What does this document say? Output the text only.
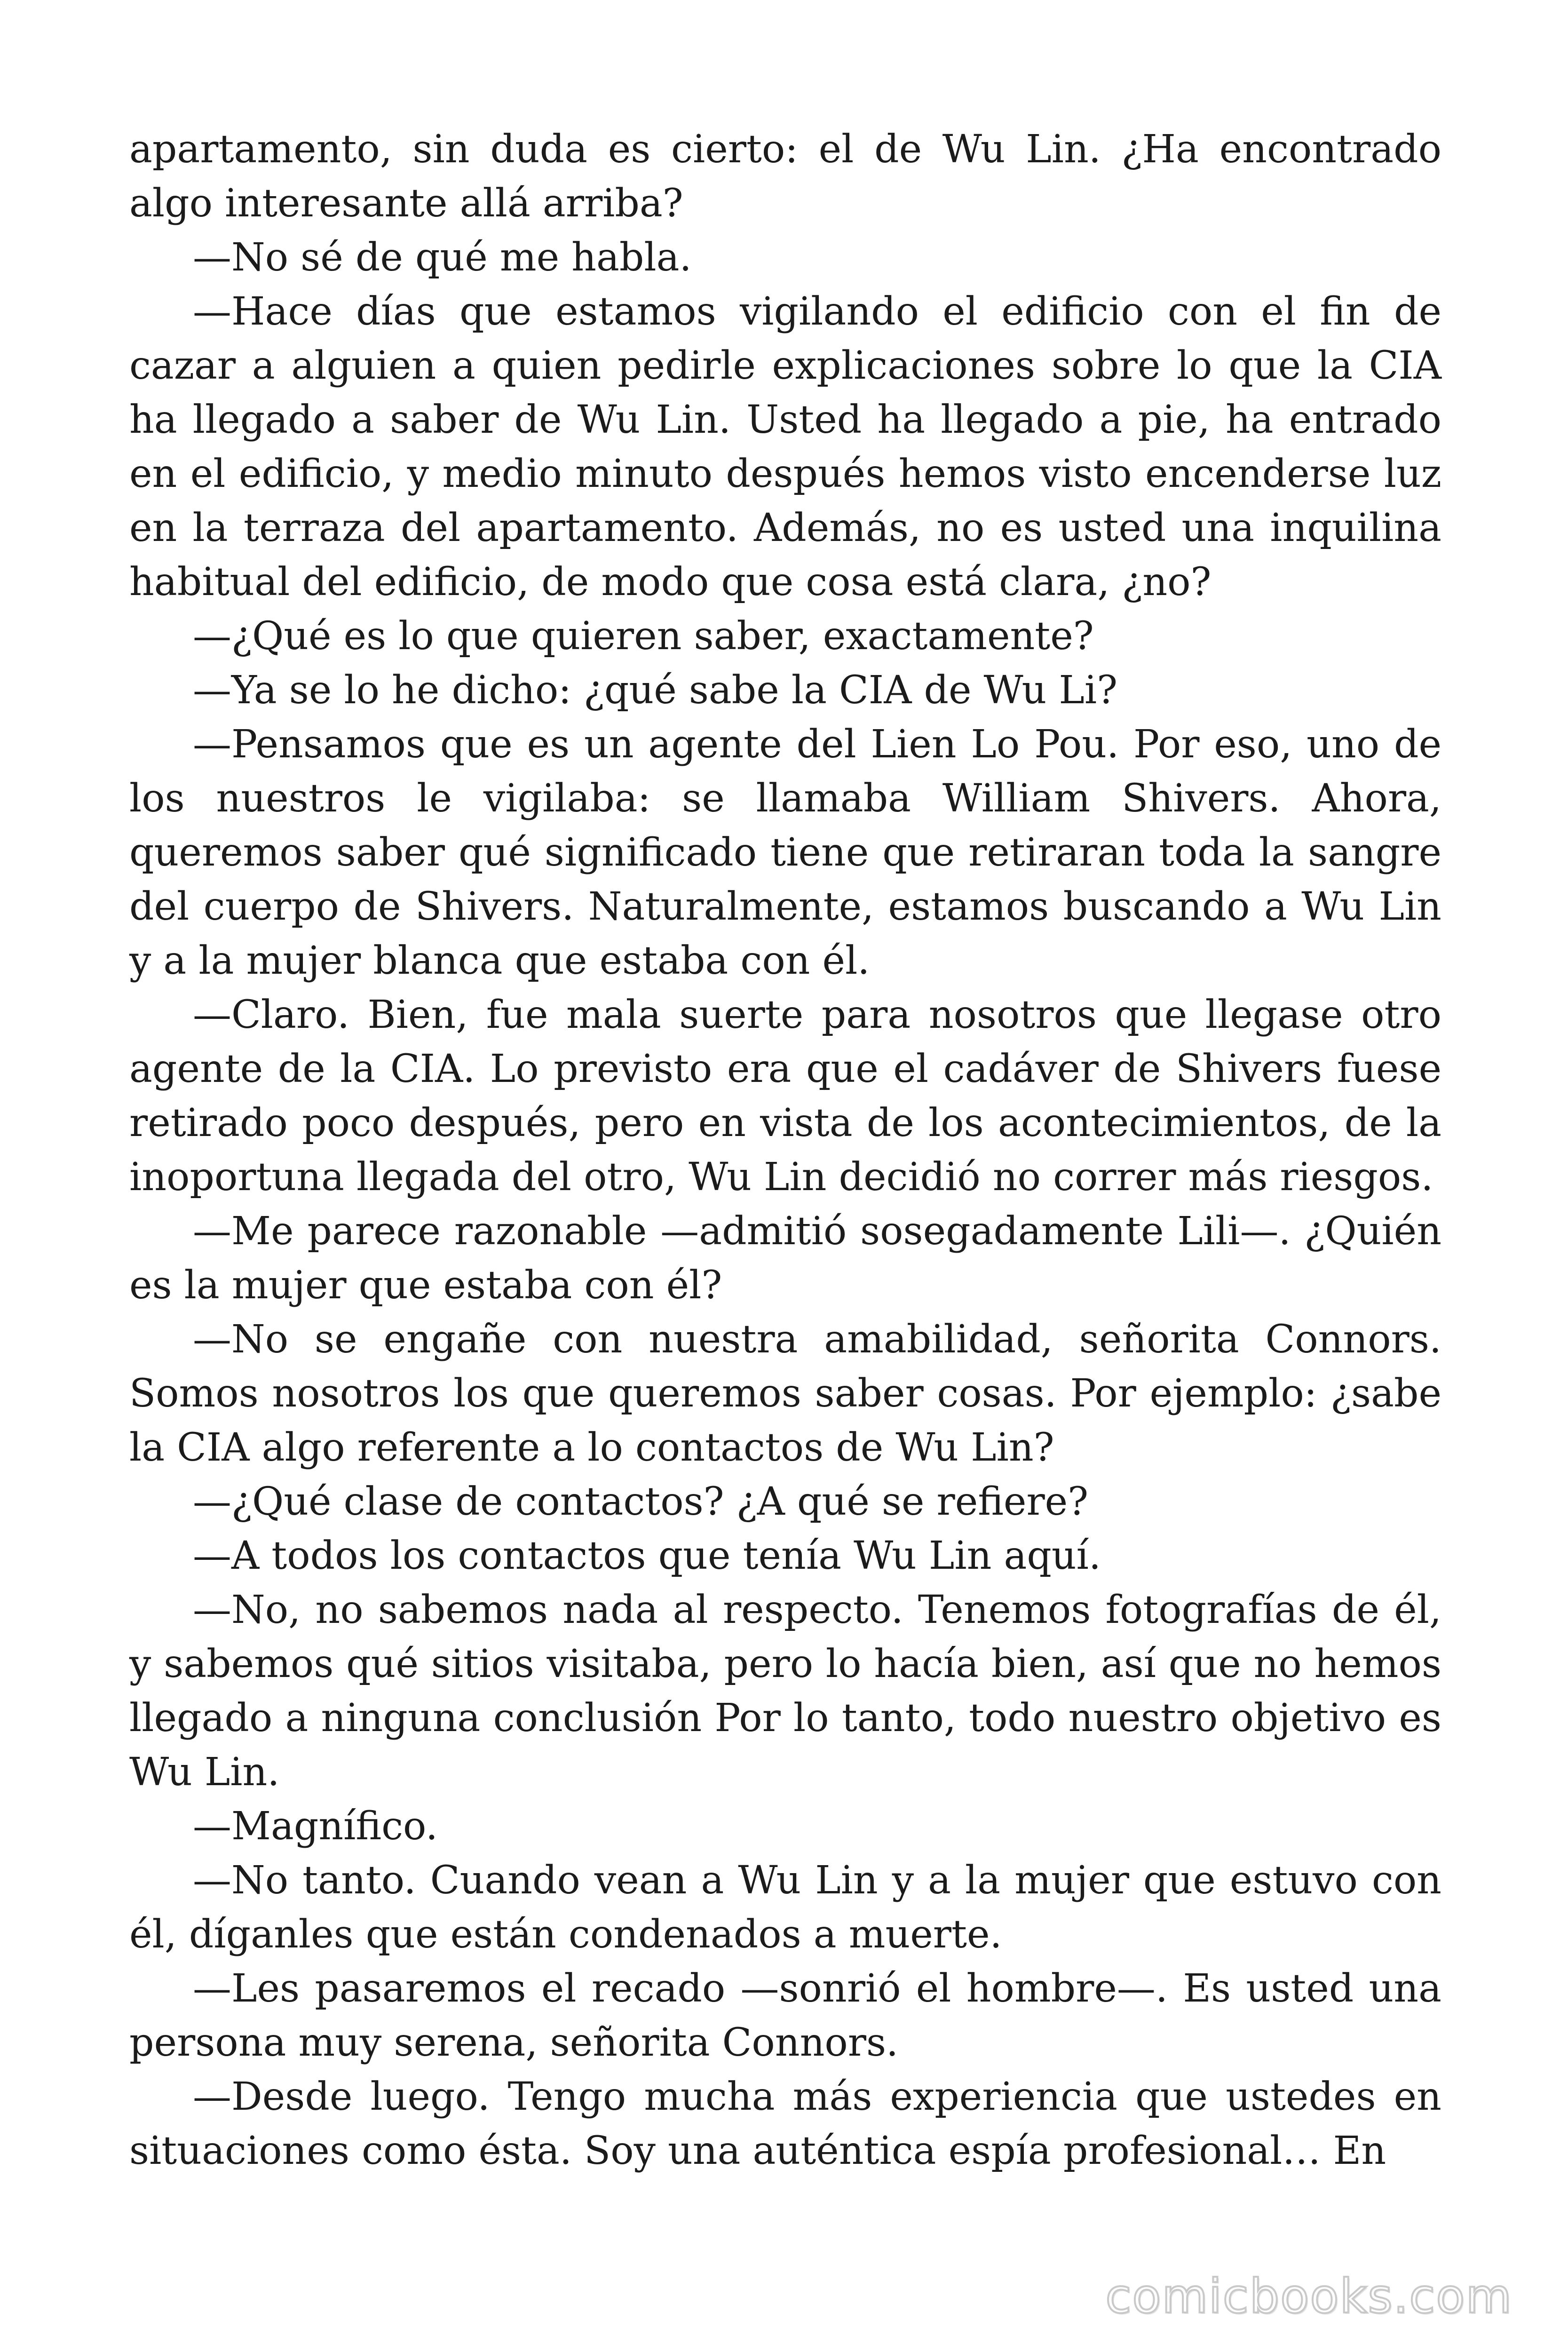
apartamento, sin duda es cierto: el de Wu Lin. ¿Ha encontrado algo interesante allá arriba?

—No sé de qué me habla.

—Hace días que estamos vigilando el edificio con el fin de cazar a alguien a quien pedirle explicaciones sobre lo que la CIA ha llegado a saber de Wu Lin. Usted ha llegado a pie, ha entrado en el edificio, y medio minuto después hemos visto encenderse luz en la terraza del apartamento. Además, no es usted una inquilina habitual del edificio, de modo que cosa está clara, ¿no?

—¿Qué es lo que quieren saber, exactamente?

—Ya se lo he dicho: ¿qué sabe la CIA de Wu Li?

—Pensamos que es un agente del Lien Lo Pou. Por eso, uno de los nuestros le vigilaba: se llamaba William Shivers. Ahora, queremos saber qué significado tiene que retiraran toda la sangre del cuerpo de Shivers. Naturalmente, estamos buscando a Wu Lin y a la mujer blanca que estaba con él.

—Claro. Bien, fue mala suerte para nosotros que llegase otro agente de la CIA. Lo previsto era que el cadáver de Shivers fuese retirado poco después, pero en vista de los acontecimientos, de la inoportuna llegada del otro, Wu Lin decidió no correr más riesgos.

—Me parece razonable —admitió sosegadamente Lili—. ¿Quién es la mujer que estaba con él?

—No se engañe con nuestra amabilidad, señorita Connors. Somos nosotros los que queremos saber cosas. Por ejemplo: ¿sabe la CIA algo referente a lo contactos de Wu Lin?

—¿Qué clase de contactos? ¿A qué se refiere?

—A todos los contactos que tenía Wu Lin aquí.

—No, no sabemos nada al respecto. Tenemos fotografías de él, y sabemos qué sitios visitaba, pero lo hacía bien, así que no hemos llegado a ninguna conclusión Por lo tanto, todo nuestro objetivo es Wu Lin.

—Magnífico.

—No tanto. Cuando vean a Wu Lin y a la mujer que estuvo con él, díganles que están condenados a muerte.

—Les pasaremos el recado —sonrió el hombre—. Es usted una persona muy serena, señorita Connors.

—Desde luego. Tengo mucha más experiencia que ustedes en situaciones como ésta. Soy una auténtica espía profesional… En

comicbooks.com
